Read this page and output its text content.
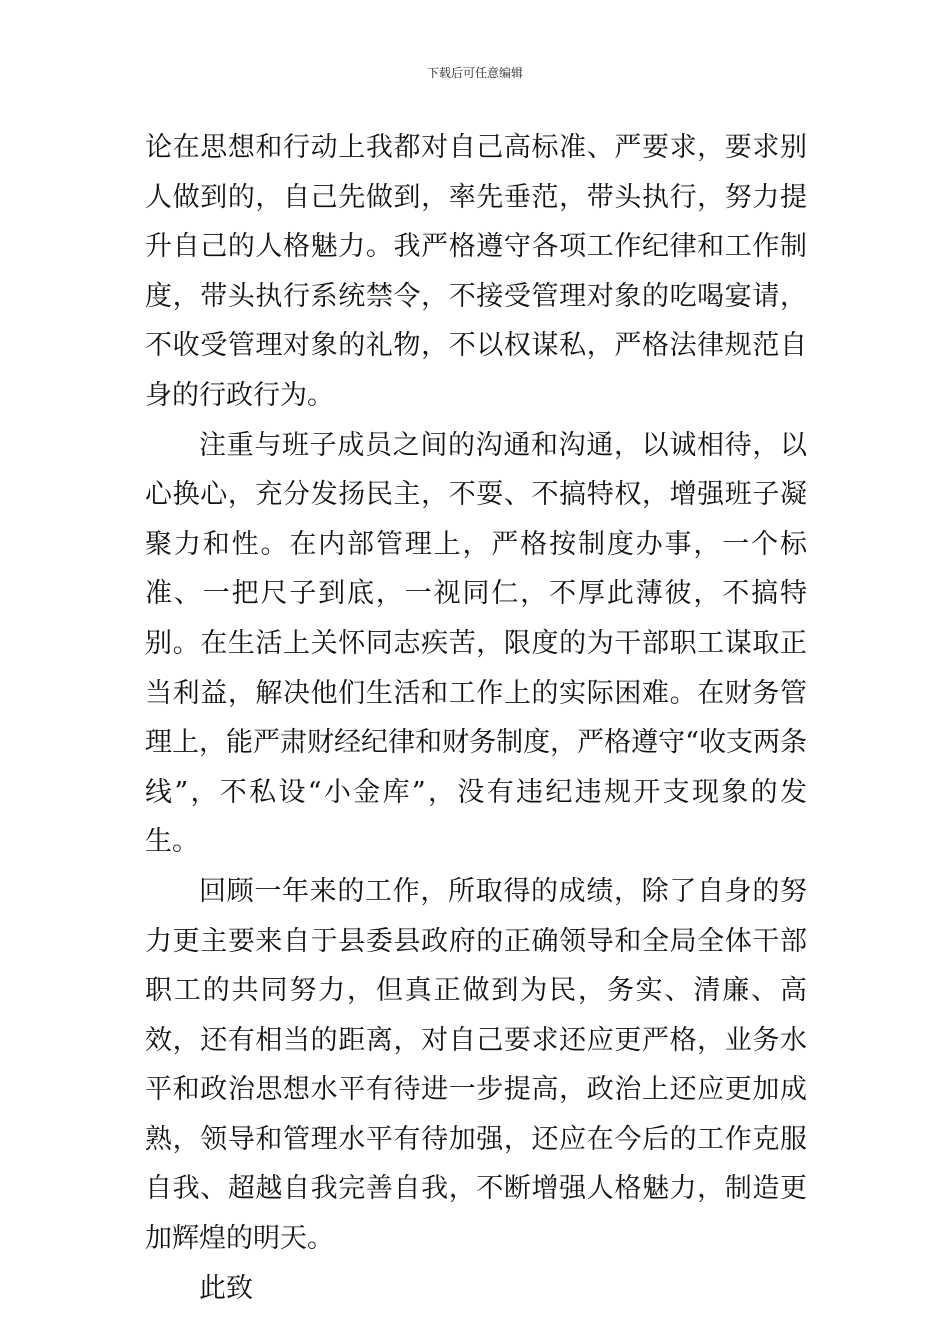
下载后可任意编辑

论在思想和行动上我都对自己高标准、严要求，要求别人做到的，自己先做到，率先垂范，带头执行，努力提升自己的人格魅力。我严格遵守各项工作纪律和工作制度，带头执行系统禁令，不接受管理对象的吃喝宴请，不收受管理对象的礼物，不以权谋私，严格法律规范自身的行政行为。

注重与班子成员之间的沟通和沟通，以诚相待，以心换心，充分发扬民主，不耍、不搞特权，增强班子凝聚力和性。在内部管理上，严格按制度办事，一个标准、一把尺子到底，一视同仁，不厚此薄彼，不搞特别。在生活上关怀同志疾苦，限度的为干部职工谋取正当利益，解决他们生活和工作上的实际困难。在财务管理上，能严肃财经纪律和财务制度，严格遵守“收支两条线”，不私设“小金库”，没有违纪违规开支现象的发生。

回顾一年来的工作，所取得的成绩，除了自身的努力更主要来自于县委县政府的正确领导和全局全体干部职工的共同努力，但真正做到为民，务实、清廉、高效，还有相当的距离，对自己要求还应更严格，业务水平和政治思想水平有待进一步提高，政治上还应更加成熟，领导和管理水平有待加强，还应在今后的工作克服自我、超越自我完善自我，不断增强人格魅力，制造更加辉煌的明天。

此致
